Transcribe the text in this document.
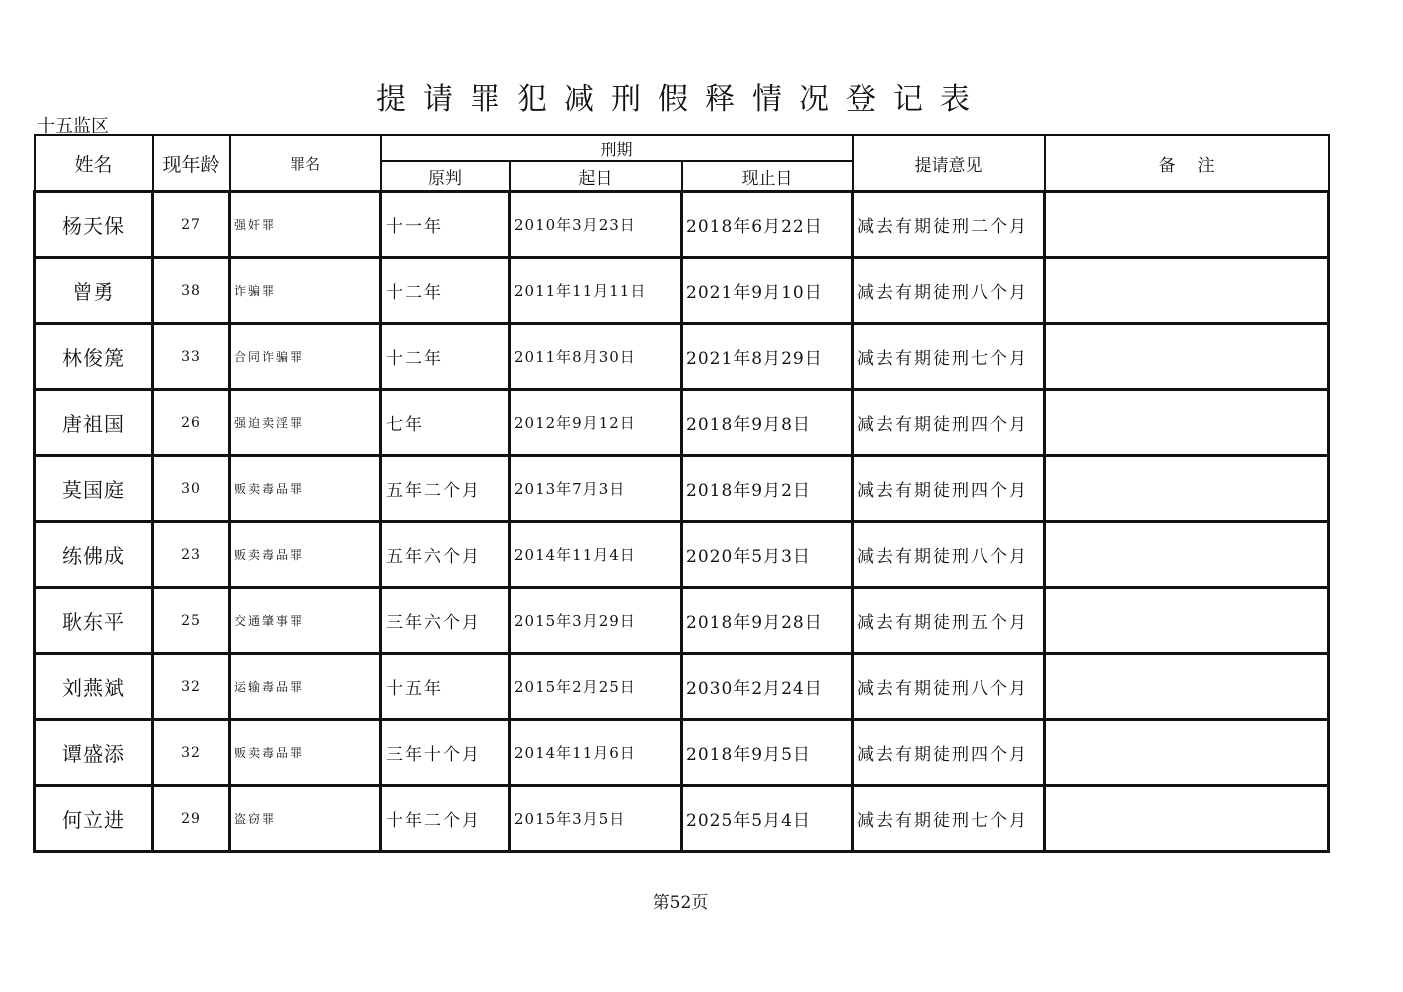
提请罪犯减刑假释情况登记表
十五监区
姓名	现年龄	罪名	刑期			提请意见	备注
			原判	起日	现止日		
杨天保	27	强奸罪	十一年	2010年3月23日	2018年6月22日	减去有期徒刑二个月	
曾勇	38	诈骗罪	十二年	2011年11月11日	2021年9月10日	减去有期徒刑八个月	
林俊箎	33	合同诈骗罪	十二年	2011年8月30日	2021年8月29日	减去有期徒刑七个月	
唐祖国	26	强迫卖淫罪	七年	2012年9月12日	2018年9月8日	减去有期徒刑四个月	
莫国庭	30	贩卖毒品罪	五年二个月	2013年7月3日	2018年9月2日	减去有期徒刑四个月	
练佛成	23	贩卖毒品罪	五年六个月	2014年11月4日	2020年5月3日	减去有期徒刑八个月	
耿东平	25	交通肇事罪	三年六个月	2015年3月29日	2018年9月28日	减去有期徒刑五个月	
刘燕斌	32	运输毒品罪	十五年	2015年2月25日	2030年2月24日	减去有期徒刑八个月	
谭盛添	32	贩卖毒品罪	三年十个月	2014年11月6日	2018年9月5日	减去有期徒刑四个月	
何立进	29	盗窃罪	十年二个月	2015年3月5日	2025年5月4日	减去有期徒刑七个月	
第52页
